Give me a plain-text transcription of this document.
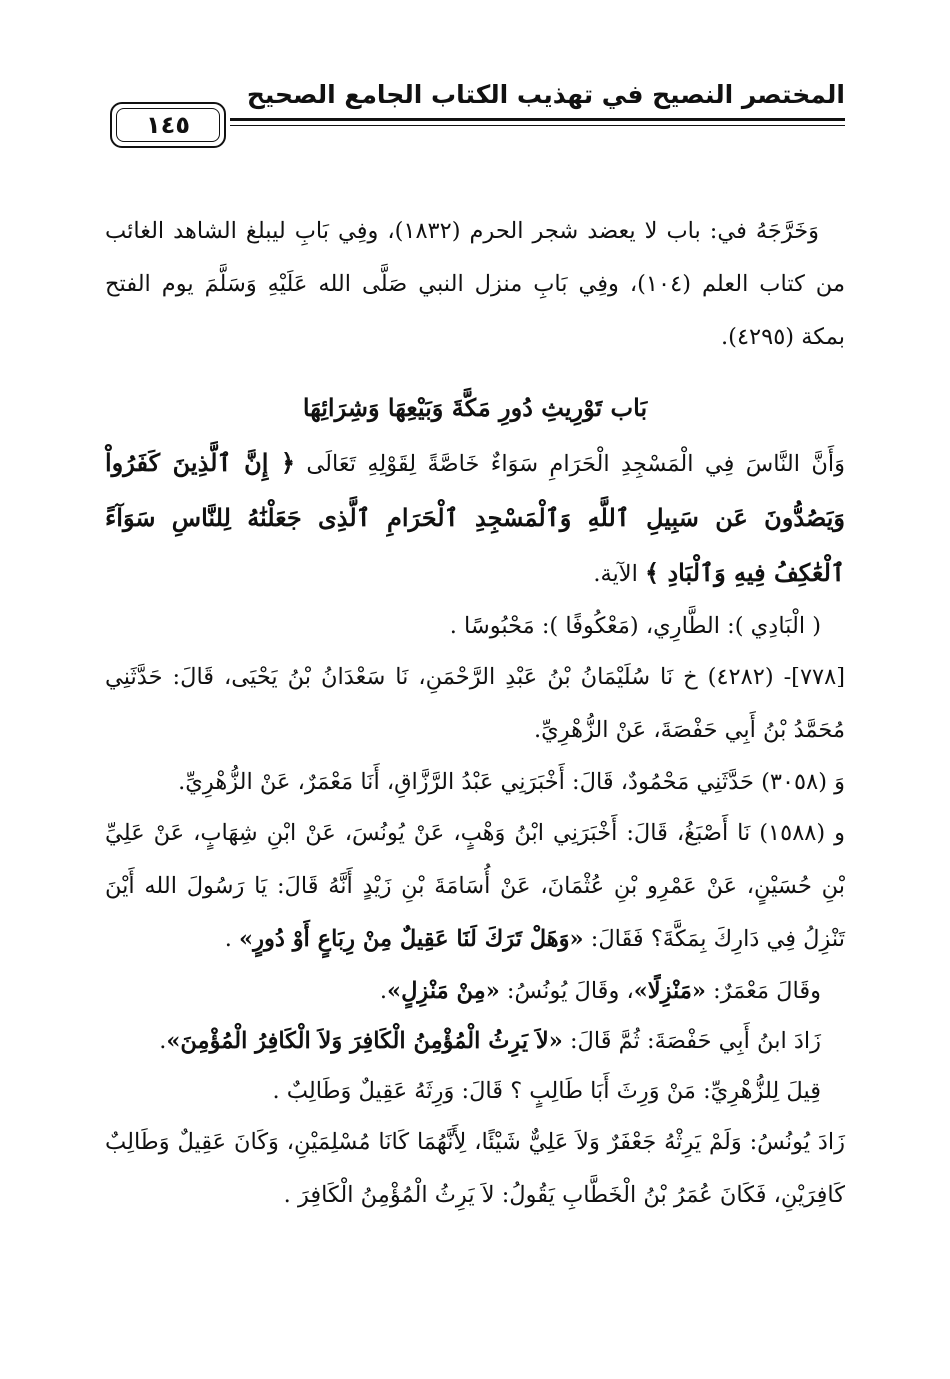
المختصر النصيح في تهذيب الكتاب الجامع الصحيح
١٤٥

وَخَرَّجَهُ في: باب لا يعضد شجر الحرم (١٨٣٢)، وفِي بَابِ ليبلغ الشاهد الغائب من كتاب العلم (١٠٤)، وفِي بَابِ منزل النبي صَلَّى الله عَلَيْهِ وَسَلَّمَ يوم الفتح بمكة (٤٢٩٥).

بَاب تَوْرِيثِ دُورِ مَكَّةَ وَبَيْعِهَا وَشِرَائِهَا

وَأَنَّ النَّاسَ فِي الْمَسْجِدِ الْحَرَامِ سَوَاءٌ خَاصَّةً لِقَوْلِهِ تَعَالَى ﴿ إِنَّ ٱلَّذِينَ كَفَرُواْ وَيَصُدُّونَ عَن سَبِيلِ ٱللَّهِ وَٱلْمَسْجِدِ ٱلْحَرَامِ ٱلَّذِى جَعَلْنَٰهُ لِلنَّاسِ سَوَآءً ٱلْعَٰكِفُ فِيهِ وَٱلْبَادِ ﴾ الآية.

( الْبَادِي ): الطَّارِي، (مَعْكُوفًا ): مَحْبُوسًا .

[٧٧٨]- (٤٢٨٢) خ نَا سُلَيْمَانُ بْنُ عَبْدِ الرَّحْمَنِ، نَا سَعْدَانُ بْنُ يَحْيَى، قَالَ: حَدَّثَنِي مُحَمَّدُ بْنُ أَبِي حَفْصَةَ، عَنْ الزُّهْرِيِّ.

وَ (٣٠٥٨) حَدَّثَنِي مَحْمُودٌ، قَالَ: أَخْبَرَنِي عَبْدُ الرَّزَّاقِ، أَنَا مَعْمَرٌ، عَنْ الزُّهْرِيِّ.

و (١٥٨٨) نَا أَصْبَغُ، قَالَ: أَخْبَرَنِي ابْنُ وَهْبٍ، عَنْ يُونُسَ، عَنْ ابْنِ شِهَابٍ، عَنْ عَلِيِّ بْنِ حُسَيْنٍ، عَنْ عَمْرِو بْنِ عُثْمَانَ، عَنْ أُسَامَةَ بْنِ زَيْدٍ أَنَّهُ قَالَ: يَا رَسُولَ الله أَيْنَ تَنْزِلُ فِي دَارِكَ بِمَكَّةَ؟ فَقَالَ: «وَهَلْ تَرَكَ لَنَا عَقِيلٌ مِنْ رِبَاعٍ أَوْ دُورٍ» .

وقَالَ مَعْمَرٌ: «مَنْزِلًا»، وقَالَ يُونُسُ: «مِنْ مَنْزِلٍ».

زَادَ ابنُ أَبِي حَفْصَةَ: ثُمَّ قَالَ: «لاَ يَرِثُ الْمُؤْمِنُ الْكَافِرَ وَلاَ الْكَافِرُ الْمُؤْمِنَ».

قِيلَ لِلزُّهْرِيِّ: مَنْ وَرِثَ أَبَا طَالِبٍ ؟ قَالَ: وَرِثَهُ عَقِيلٌ وَطَالِبٌ .

زَادَ يُونُسُ: وَلَمْ يَرِثْهُ جَعْفَرٌ وَلاَ عَلِيٌّ شَيْئًا، لِأَنَّهُمَا كَانَا مُسْلِمَيْنِ، وَكَانَ عَقِيلٌ وَطَالِبٌ كَافِرَيْنِ، فَكَانَ عُمَرُ بْنُ الْخَطَّابِ يَقُولُ: لاَ يَرِثُ الْمُؤْمِنُ الْكَافِرَ .
